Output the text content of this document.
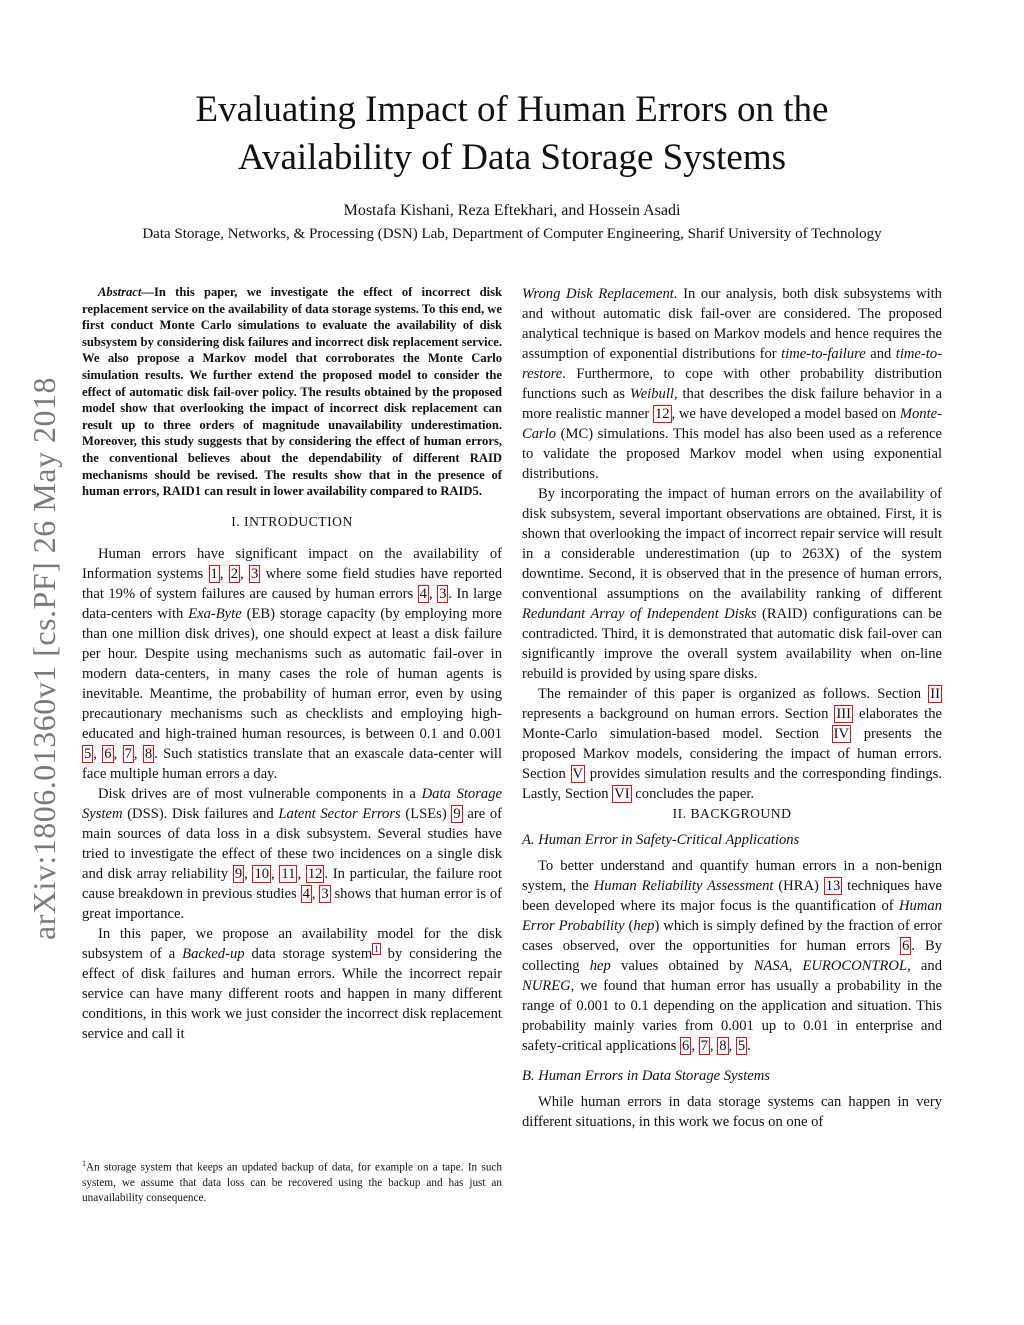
Evaluating Impact of Human Errors on the
Availability of Data Storage Systems
Mostafa Kishani, Reza Eftekhari, and Hossein Asadi
Data Storage, Networks, & Processing (DSN) Lab, Department of Computer Engineering, Sharif University of Technology
arXiv:1806.01360v1 [cs.PF] 26 May 2018

Abstract—In this paper, we investigate the effect of incorrect disk replacement service on the availability of data storage systems. To this end, we first conduct Monte Carlo simulations to evaluate the availability of disk subsystem by considering disk failures and incorrect disk replacement service. We also propose a Markov model that corroborates the Monte Carlo simulation results. We further extend the proposed model to consider the effect of automatic disk fail-over policy. The results obtained by the proposed model show that overlooking the impact of incorrect disk replacement can result up to three orders of magnitude unavailability underestimation. Moreover, this study suggests that by considering the effect of human errors, the conventional believes about the dependability of different RAID mechanisms should be revised. The results show that in the presence of human errors, RAID1 can result in lower availability compared to RAID5.

I. INTRODUCTION

Human errors have significant impact on the availability of Information systems 1 , 2 , 3 where some field studies have reported that 19% of system failures are caused by human errors 4 , 3 . In large data-centers with Exa-Byte (EB) storage capacity (by employing more than one million disk drives), one should expect at least a disk failure per hour. Despite using mechanisms such as automatic fail-over in modern data-centers, in many cases the role of human agents is inevitable. Meantime, the probability of human error, even by using precautionary mechanisms such as checklists and employing high-educated and high-trained human resources, is between 0.1 and 0.001 5 , 6 , 7 , 8 . Such statistics translate that an exascale data-center will face multiple human errors a day.

Disk drives are of most vulnerable components in a Data Storage System (DSS). Disk failures and Latent Sector Errors (LSEs) 9 are of main sources of data loss in a disk subsystem. Several studies have tried to investigate the effect of these two incidences on a single disk and disk array reliability 9 , 10 , 11 , 12 . In particular, the failure root cause breakdown in previous studies 4 , 3 shows that human error is of great importance.

In this paper, we propose an availability model for the disk subsystem of a Backed-up data storage system $^1$ by considering the effect of disk failures and human errors. While the incorrect repair service can have many different roots and happen in many different conditions, in this work we just consider the incorrect disk replacement service and call it

$^1$An storage system that keeps an updated backup of data, for example on a tape. In such system, we assume that data loss can be recovered using the backup and has just an unavailability consequence.

Wrong Disk Replacement. In our analysis, both disk subsystems with and without automatic disk fail-over are considered. The proposed analytical technique is based on Markov models and hence requires the assumption of exponential distributions for time-to-failure and time-to-restore. Furthermore, to cope with other probability distribution functions such as Weibull, that describes the disk failure behavior in a more realistic manner 12 , we have developed a model based on Monte-Carlo (MC) simulations. This model has also been used as a reference to validate the proposed Markov model when using exponential distributions.

By incorporating the impact of human errors on the availability of disk subsystem, several important observations are obtained. First, it is shown that overlooking the impact of incorrect repair service will result in a considerable underestimation (up to 263X) of the system downtime. Second, it is observed that in the presence of human errors, conventional assumptions on the availability ranking of different Redundant Array of Independent Disks (RAID) configurations can be contradicted. Third, it is demonstrated that automatic disk fail-over can significantly improve the overall system availability when on-line rebuild is provided by using spare disks.

The remainder of this paper is organized as follows. Section II represents a background on human errors. Section III elaborates the Monte-Carlo simulation-based model. Section IV presents the proposed Markov models, considering the impact of human errors. Section V provides simulation results and the corresponding findings. Lastly, Section VI concludes the paper.

II. BACKGROUND
A. Human Error in Safety-Critical Applications

To better understand and quantify human errors in a non-benign system, the Human Reliability Assessment (HRA) 13 techniques have been developed where its major focus is the quantification of Human Error Probability (hep) which is simply defined by the fraction of error cases observed, over the opportunities for human errors 6 . By collecting hep values obtained by NASA, EUROCONTROL, and NUREG, we found that human error has usually a probability in the range of 0.001 to 0.1 depending on the application and situation. This probability mainly varies from 0.001 up to 0.01 in enterprise and safety-critical applications 6 , 7 , 8 , 5 .

B. Human Errors in Data Storage Systems

While human errors in data storage systems can happen in very different situations, in this work we focus on one of
